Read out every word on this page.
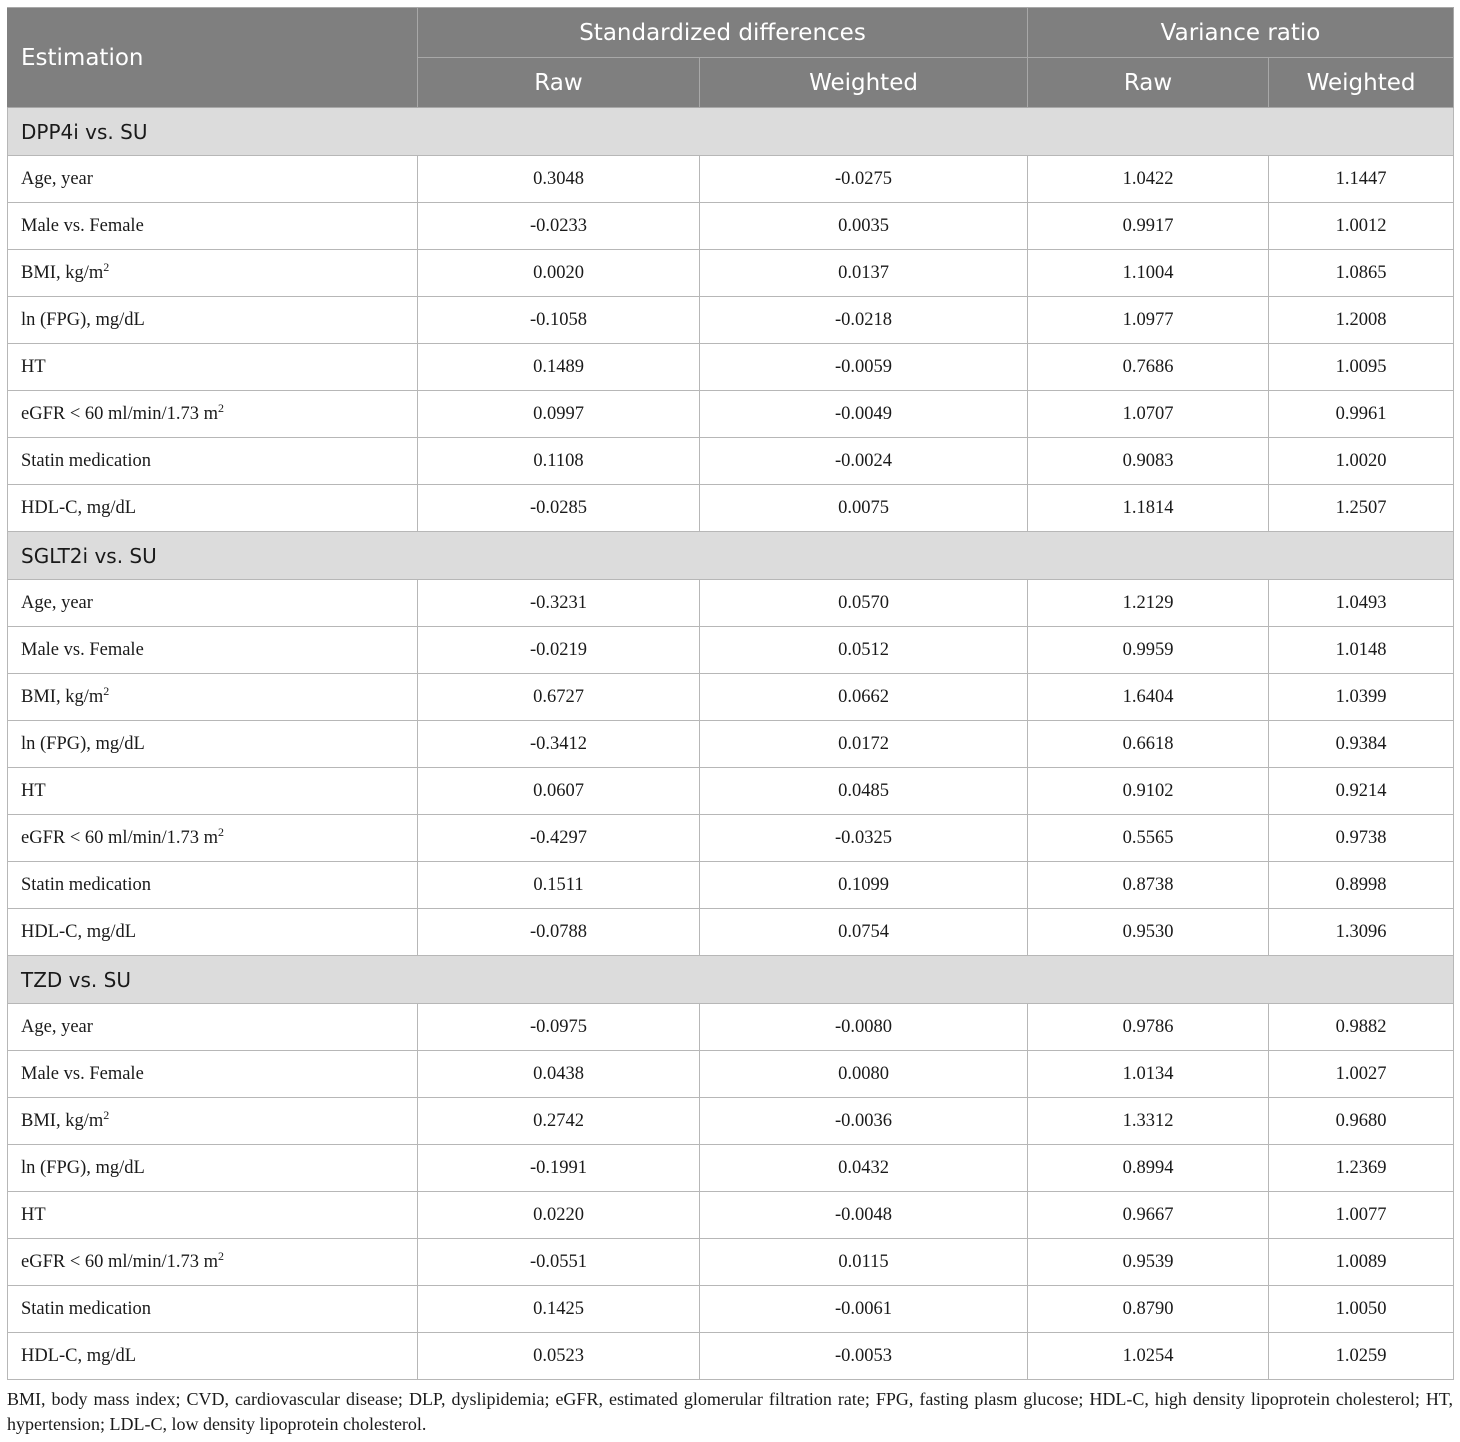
Estimation	Standardized differences		Variance ratio	
	Raw	Weighted	Raw	Weighted
DPP4i vs. SU				
Age, year	0.3048	-0.0275	1.0422	1.1447
Male vs. Female	-0.0233	0.0035	0.9917	1.0012
BMI, $kg/m^2$	0.0020	0.0137	1.1004	1.0865
ln (FPG), mg/dL	-0.1058	-0.0218	1.0977	1.2008
HT	0.1489	-0.0059	0.7686	1.0095
eGFR < 60 ml/min/1.73 $m^2$	0.0997	-0.0049	1.0707	0.9961
Statin medication	0.1108	-0.0024	0.9083	1.0020
HDL-C, mg/dL	-0.0285	0.0075	1.1814	1.2507
SGLT2i vs. SU				
Age, year	-0.3231	0.0570	1.2129	1.0493
Male vs. Female	-0.0219	0.0512	0.9959	1.0148
BMI, $kg/m^2$	0.6727	0.0662	1.6404	1.0399
ln (FPG), mg/dL	-0.3412	0.0172	0.6618	0.9384
HT	0.0607	0.0485	0.9102	0.9214
eGFR < 60 ml/min/1.73 $m^2$	-0.4297	-0.0325	0.5565	0.9738
Statin medication	0.1511	0.1099	0.8738	0.8998
HDL-C, mg/dL	-0.0788	0.0754	0.9530	1.3096
TZD vs. SU				
Age, year	-0.0975	-0.0080	0.9786	0.9882
Male vs. Female	0.0438	0.0080	1.0134	1.0027
BMI, $kg/m^2$	0.2742	-0.0036	1.3312	0.9680
ln (FPG), mg/dL	-0.1991	0.0432	0.8994	1.2369
HT	0.0220	-0.0048	0.9667	1.0077
eGFR < 60 ml/min/1.73 $m^2$	-0.0551	0.0115	0.9539	1.0089
Statin medication	0.1425	-0.0061	0.8790	1.0050
HDL-C, mg/dL	0.0523	-0.0053	1.0254	1.0259
BMI, body mass index; CVD, cardiovascular disease; DLP, dyslipidemia; eGFR, estimated glomerular filtration rate; FPG, fasting plasm glucose; HDL-C, high density lipoprotein cholesterol; HT, hypertension; LDL-C, low density lipoprotein cholesterol.
